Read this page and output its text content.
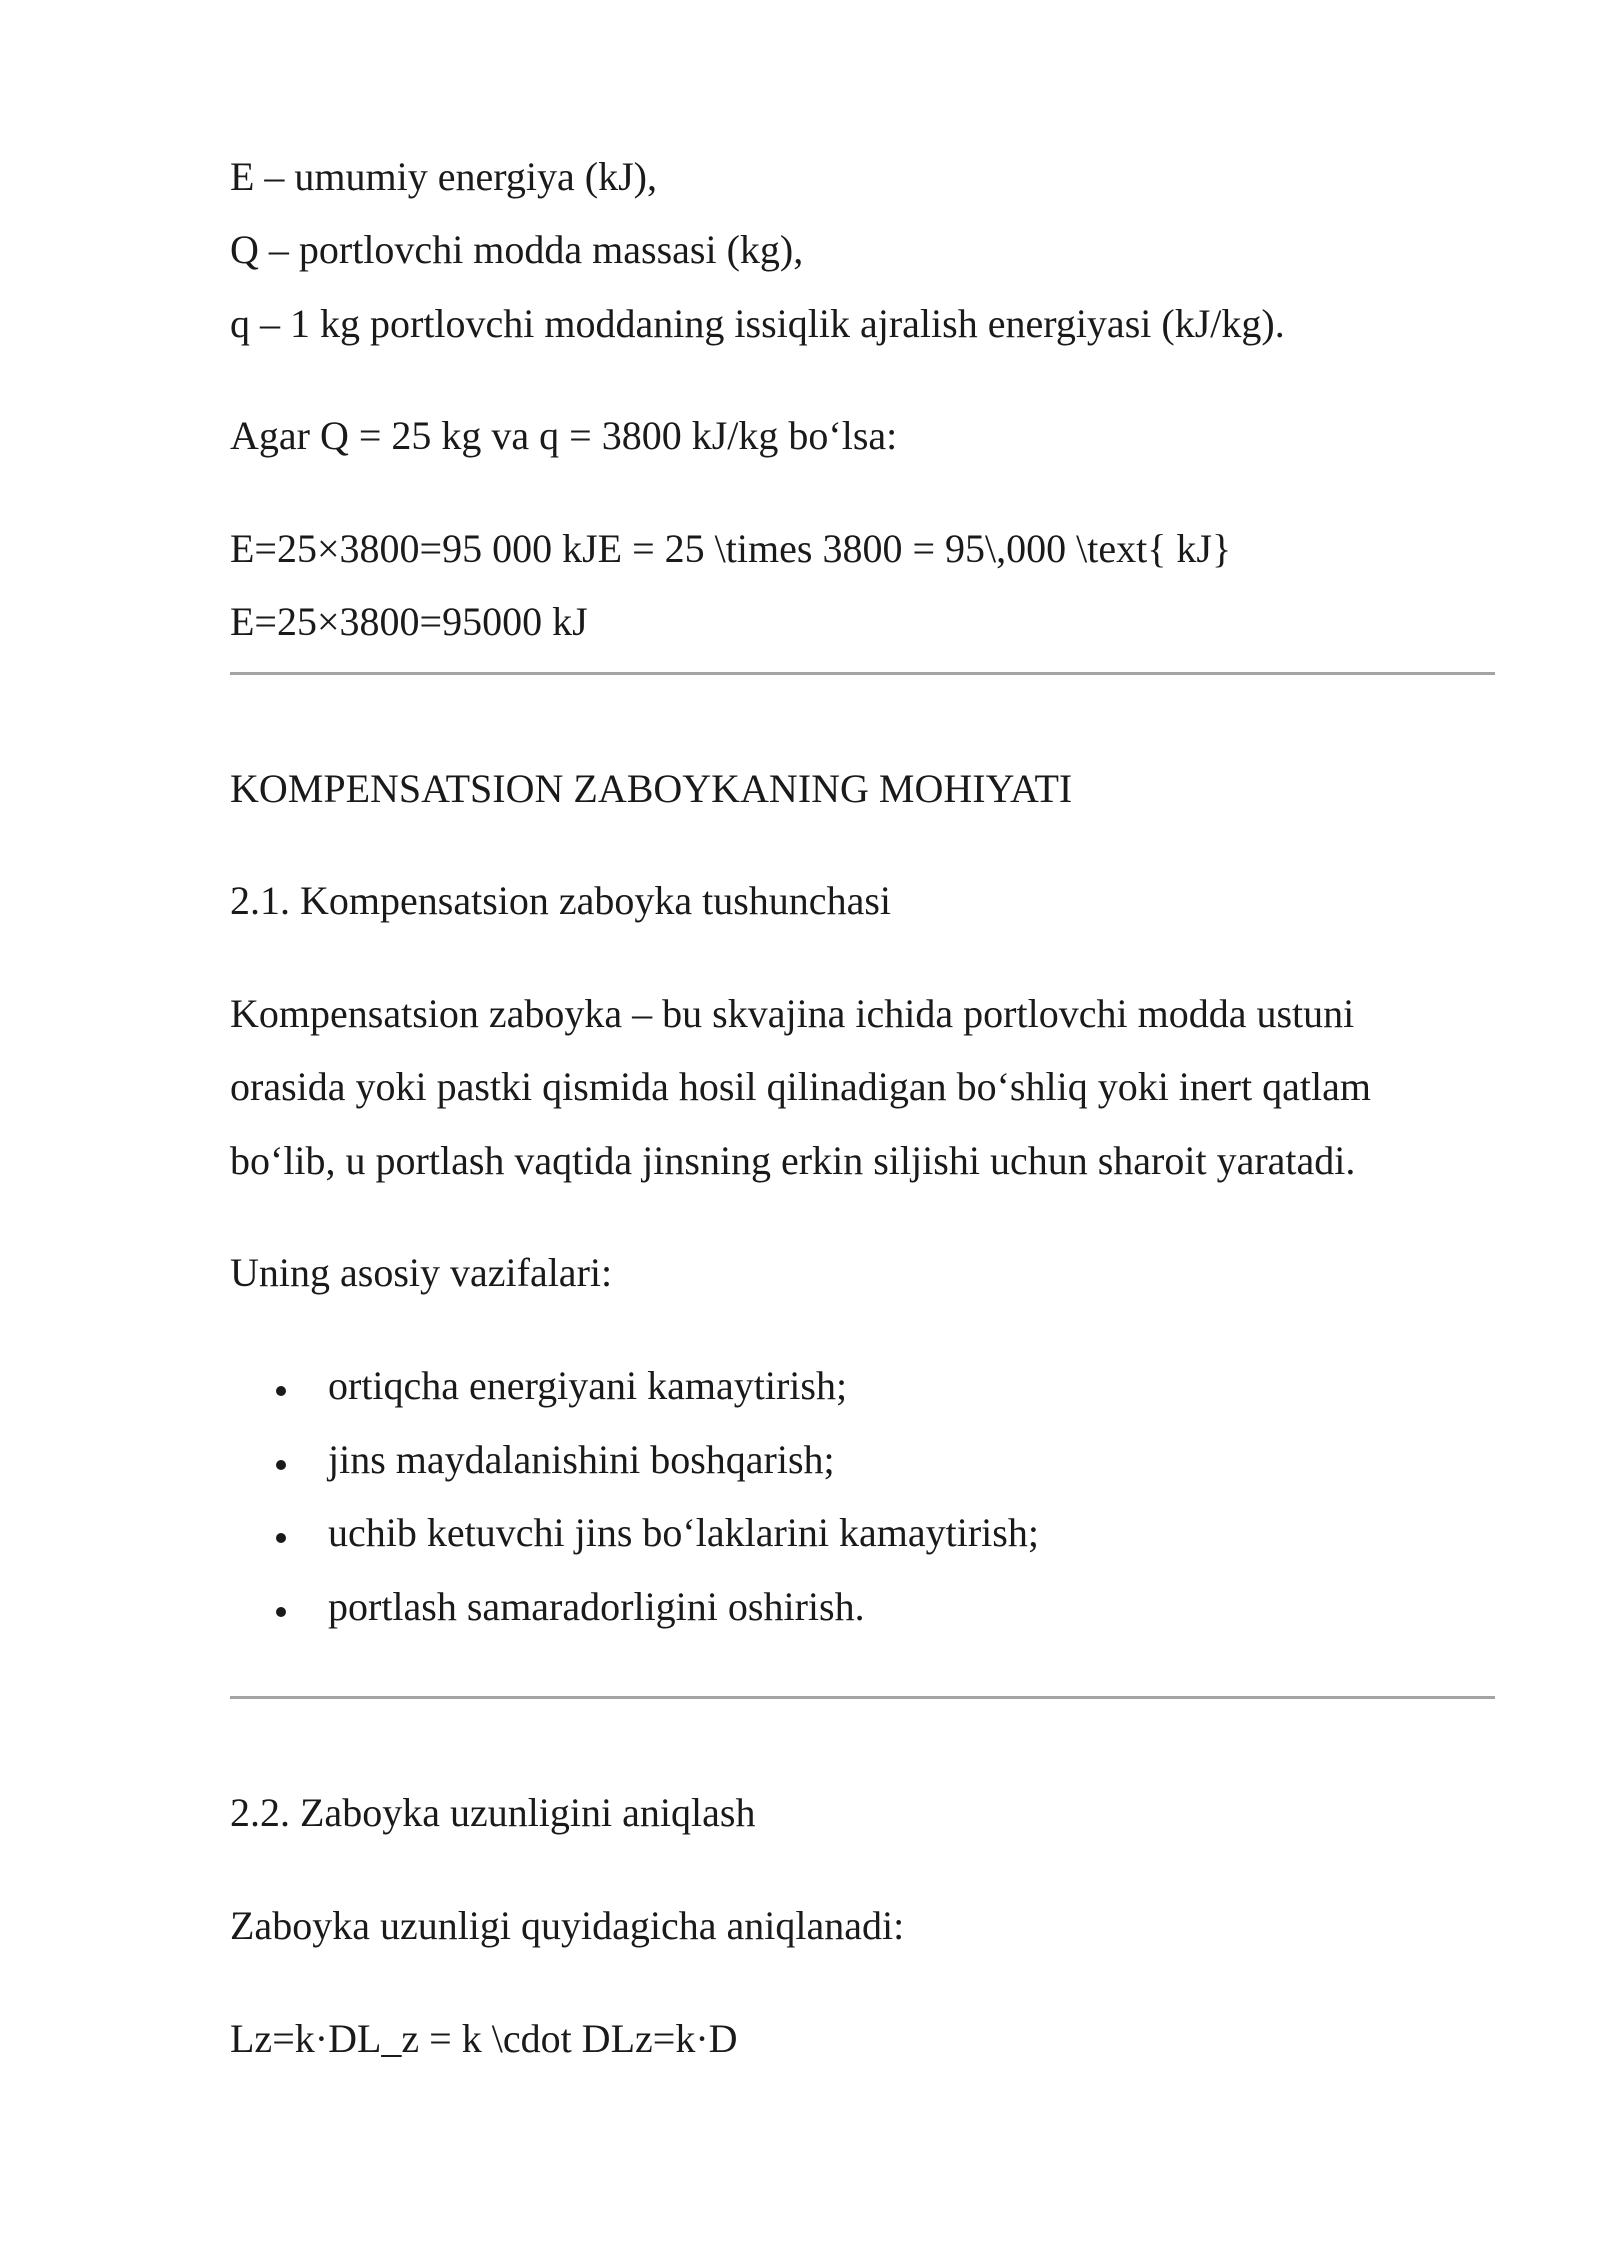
E – umumiy energiya (kJ),
Q – portlovchi modda massasi (kg),
q – 1 kg portlovchi moddaning issiqlik ajralish energiyasi (kJ/kg).
Agar Q = 25 kg va q = 3800 kJ/kg bo‘lsa:
E=25×3800=95 000 kJE = 25 \times 3800 = 95\,000 \text{ kJ}
E=25×3800=95000 kJ
KOMPENSATSION ZABOYKANING MOHIYATI
2.1. Kompensatsion zaboyka tushunchasi
Kompensatsion zaboyka – bu skvajina ichida portlovchi modda ustuni
orasida yoki pastki qismida hosil qilinadigan bo‘shliq yoki inert qatlam
bo‘lib, u portlash vaqtida jinsning erkin siljishi uchun sharoit yaratadi.
Uning asosiy vazifalari:
ortiqcha energiyani kamaytirish;
jins maydalanishini boshqarish;
uchib ketuvchi jins bo‘laklarini kamaytirish;
portlash samaradorligini oshirish.
2.2. Zaboyka uzunligini aniqlash
Zaboyka uzunligi quyidagicha aniqlanadi:
Lz=k·DL_z = k \cdot DLz=k·D
